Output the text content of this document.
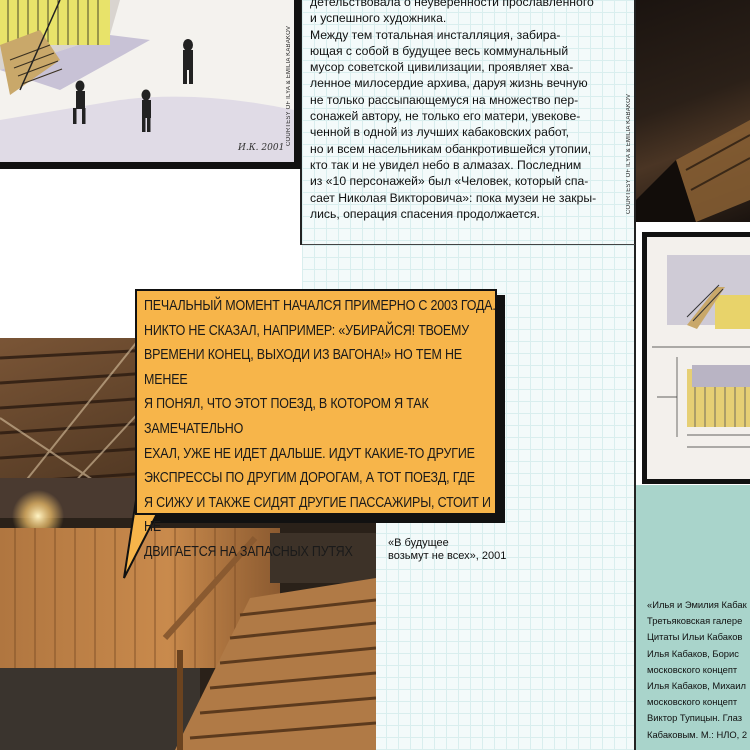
И.К. 2001
COURTESY OF ILYA & EMILIA KABAKOV
COURTESY OF ILYA & EMILIA KABAKOV

детельствовала о неуверенности прославленного

и успешного художника.

Между тем тотальная инсталляция, забира-

ющая с собой в будущее весь коммунальный

мусор советской цивилизации, проявляет хва-

ленное милосердие архива, даруя жизнь вечную

не только рассыпающемуся на множество пер-

сонажей автору, не только его матери, увекове-

ченной в одной из лучших кабаковских работ,

но и всем насельникам обанкротившейся утопии,

кто так и не увидел небо в алмазах. Последним

из «10 персонажей» был «Человек, который спа-

сает Николая Викторовича»: пока музеи не закры-

лись, операция спасения продолжается.

ПЕЧАЛЬНЫЙ МОМЕНТ НАЧАЛСЯ ПРИМЕРНО С 2003 ГОДА.
НИКТО НЕ СКАЗАЛ, НАПРИМЕР: «УБИРАЙСЯ! ТВОЕМУ
ВРЕМЕНИ КОНЕЦ, ВЫХОДИ ИЗ ВАГОНА!» НО ТЕМ НЕ МЕНЕЕ
Я ПОНЯЛ, ЧТО ЭТОТ ПОЕЗД, В КОТОРОМ Я ТАК ЗАМЕЧАТЕЛЬНО
ЕХАЛ, УЖЕ НЕ ИДЕТ ДАЛЬШЕ. ИДУТ КАКИЕ-ТО ДРУГИЕ
ЭКСПРЕССЫ ПО ДРУГИМ ДОРОГАМ, А ТОТ ПОЕЗД, ГДЕ
Я СИЖУ И ТАКЖЕ СИДЯТ ДРУГИЕ ПАССАЖИРЫ, СТОИТ И НЕ
ДВИГАЕТСЯ НА ЗАПАСНЫХ ПУТЯХ
«В будущее
возьмут не всех», 2001

«Илья и Эмилия Кабак

Третьяковская галере

Цитаты Ильи Кабаков

Илья Кабаков, Борис

московского концепт

Илья Кабаков, Михаил

московского концепт

Виктор Тупицын. Глаз

Кабаковым. М.: НЛО, 2
